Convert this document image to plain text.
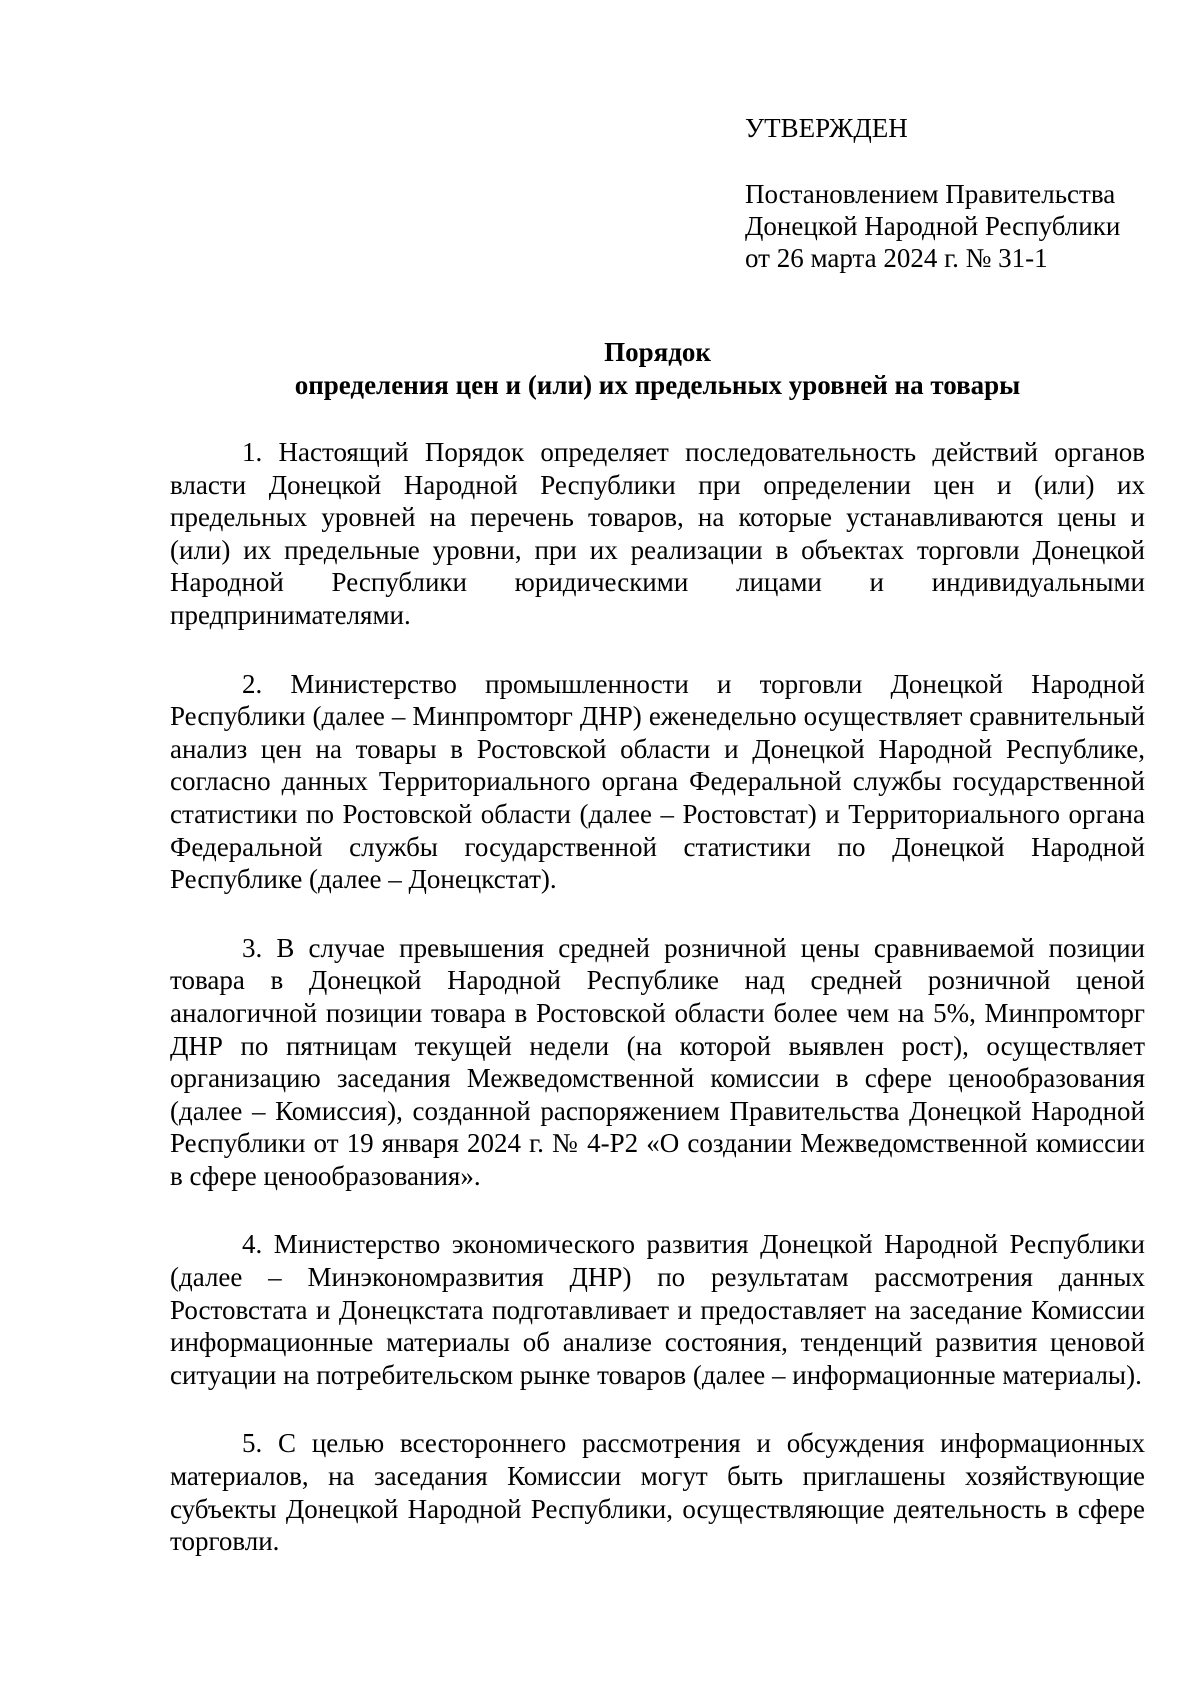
УТВЕРЖДЕН
Постановлением Правительства
Донецкой Народной Республики
от 26 марта 2024 г. № 31-1
Порядок
определения цен и (или) их предельных уровней на товары

1. Настоящий Порядок определяет последовательность действий органов власти Донецкой Народной Республики при определении цен и (или) их предельных уровней на перечень товаров, на которые устанавливаются цены и (или) их предельные уровни, при их реализации в объектах торговли Донецкой Народной Республики юридическими лицами и индивидуальными предпринимателями.

2. Министерство промышленности и торговли Донецкой Народной Республики (далее – Минпромторг ДНР) еженедельно осуществляет сравнительный анализ цен на товары в Ростовской области и Донецкой Народной Республике, согласно данных Территориального органа Федеральной службы государственной статистики по Ростовской области (далее – Ростовстат) и Территориального органа Федеральной службы государственной статистики по Донецкой Народной Республике (далее – Донецкстат).

3. В случае превышения средней розничной цены сравниваемой позиции товара в Донецкой Народной Республике над средней розничной ценой аналогичной позиции товара в Ростовской области более чем на 5%, Минпромторг ДНР по пятницам текущей недели (на которой выявлен рост), осуществляет организацию заседания Межведомственной комиссии в сфере ценообразования (далее – Комиссия), созданной распоряжением Правительства Донецкой Народной Республики от 19 января 2024 г. № 4-Р2 «О создании Межведомственной комиссии в сфере ценообразования».

4. Министерство экономического развития Донецкой Народной Республики (далее – Минэкономразвития ДНР) по результатам рассмотрения данных Ростовстата и Донецкстата подготавливает и предоставляет на заседание Комиссии информационные материалы об анализе состояния, тенденций развития ценовой ситуации на потребительском рынке товаров (далее – информационные материалы).

5. С целью всестороннего рассмотрения и обсуждения информационных материалов, на заседания Комиссии могут быть приглашены хозяйствующие субъекты Донецкой Народной Республики, осуществляющие деятельность в сфере торговли.
